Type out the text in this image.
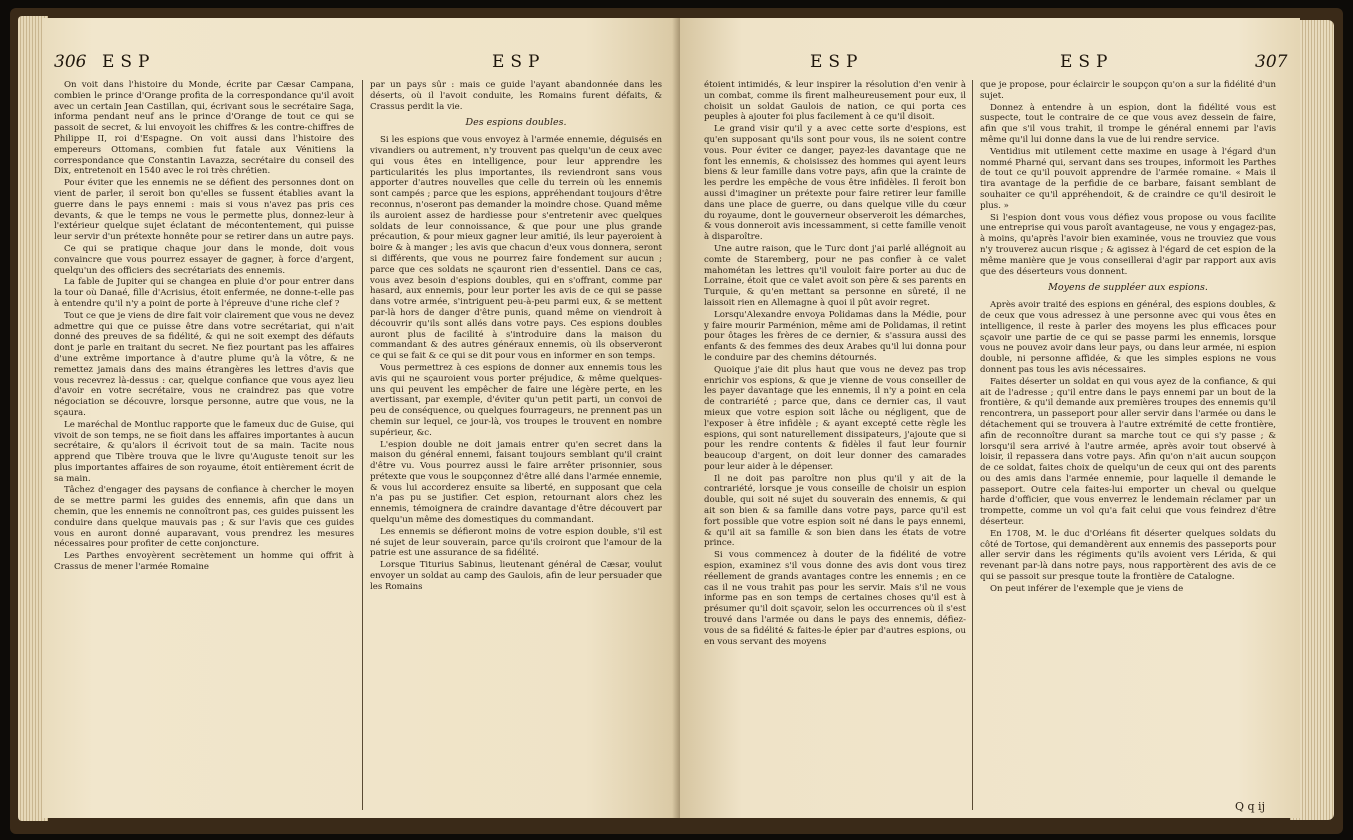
306 ESP	ESP

On voit dans l'histoire du Monde, écrite par Cæsar Campana, combien le prince d'Orange profita de la correspondance qu'il avoit avec un certain Jean Castillan, qui, écrivant sous le secrétaire Saga, informa pendant neuf ans le prince d'Orange de tout ce qui se passoit de secret, & lui envoyoit les chiffres & les contre-chiffres de Philippe II, roi d'Espagne. On voit aussi dans l'histoire des empereurs Ottomans, combien fut fatale aux Vénitiens la correspondance que Constantin Lavazza, secrétaire du conseil des Dix, entretenoit en 1540 avec le roi très chrétien.

Pour éviter que les ennemis ne se défient des personnes dont on vient de parler, il seroit bon qu'elles se fussent établies avant la guerre dans le pays ennemi : mais si vous n'avez pas pris ces devants, & que le temps ne vous le permette plus, donnez-leur à l'extérieur quelque sujet éclatant de mécontentement, qui puisse leur servir d'un prétexte honnête pour se retirer dans un autre pays.

Ce qui se pratique chaque jour dans le monde, doit vous convaincre que vous pourrez essayer de gagner, à force d'argent, quelqu'un des officiers des secrétariats des ennemis.

La fable de Jupiter qui se changea en pluie d'or pour entrer dans la tour où Danaé, fille d'Acrisius, étoit enfermée, ne donne-t-elle pas à entendre qu'il n'y a point de porte à l'épreuve d'une riche clef ?

Tout ce que je viens de dire fait voir clairement que vous ne devez admettre qui que ce puisse être dans votre secrétariat, qui n'ait donné des preuves de sa fidélité, & qui ne soit exempt des défauts dont je parle en traitant du secret. Ne fiez pourtant pas les affaires d'une extrême importance à d'autre plume qu'à la vôtre, & ne remettez jamais dans des mains étrangères les lettres d'avis que vous recevrez là-dessus : car, quelque confiance que vous ayez lieu d'avoir en votre secrétaire, vous ne craindrez pas que votre négociation se découvre, lorsque personne, autre que vous, ne la sçaura.

Le maréchal de Montluc rapporte que le fameux duc de Guise, qui vivoit de son temps, ne se fioit dans les affaires importantes à aucun secrétaire, & qu'alors il écrivoit tout de sa main. Tacite nous apprend que Tibère trouva que le livre qu'Auguste tenoit sur les plus importantes affaires de son royaume, étoit entièrement écrit de sa main.

Tâchez d'engager des paysans de confiance à chercher le moyen de se mettre parmi les guides des ennemis, afin que dans un chemin, que les ennemis ne connoîtront pas, ces guides puissent les conduire dans quelque mauvais pas ; & sur l'avis que ces guides vous en auront donné auparavant, vous prendrez les mesures nécessaires pour profiter de cette conjoncture.

Les Parthes envoyèrent secrètement un homme qui offrit à Crassus de mener l'armée Romaine

par un pays sûr : mais ce guide l'ayant abandonnée dans les déserts, où il l'avoit conduite, les Romains furent défaits, & Crassus perdit la vie.

Des espions doubles.

Si les espions que vous envoyez à l'armée ennemie, déguisés en vivandiers ou autrement, n'y trouvent pas quelqu'un de ceux avec qui vous êtes en intelligence, pour leur apprendre les particularités les plus importantes, ils reviendront sans vous apporter d'autres nouvelles que celle du terrein où les ennemis sont campés ; parce que les espions, appréhendant toujours d'être reconnus, n'oseront pas demander la moindre chose. Quand même ils auroient assez de hardiesse pour s'entretenir avec quelques soldats de leur connoissance, & que pour une plus grande précaution, & pour mieux gagner leur amitié, ils leur payeroient à boire & à manger ; les avis que chacun d'eux vous donnera, seront si différents, que vous ne pourrez faire fondement sur aucun ; parce que ces soldats ne sçauront rien d'essentiel. Dans ce cas, vous avez besoin d'espions doubles, qui en s'offrant, comme par hasard, aux ennemis, pour leur porter les avis de ce qui se passe dans votre armée, s'intriguent peu-à-peu parmi eux, & se mettent par-là hors de danger d'être punis, quand même on viendroit à découvrir qu'ils sont allés dans votre pays. Ces espions doubles auront plus de facilité à s'introduire dans la maison du commandant & des autres généraux ennemis, où ils observeront ce qui se fait & ce qui se dit pour vous en informer en son temps.

Vous permettrez à ces espions de donner aux ennemis tous les avis qui ne sçauroient vous porter préjudice, & même quelques-uns qui peuvent les empêcher de faire une légère perte, en les avertissant, par exemple, d'éviter qu'un petit parti, un convoi de peu de conséquence, ou quelques fourrageurs, ne prennent pas un chemin sur lequel, ce jour-là, vos troupes le trouvent en nombre supérieur, &c.

L'espion double ne doit jamais entrer qu'en secret dans la maison du général ennemi, faisant toujours semblant qu'il craint d'être vu. Vous pourrez aussi le faire arrêter prisonnier, sous prétexte que vous le soupçonnez d'être allé dans l'armée ennemie, & vous lui accorderez ensuite sa liberté, en supposant que cela n'a pas pu se justifier. Cet espion, retournant alors chez les ennemis, témoignera de craindre davantage d'être découvert par quelqu'un même des domestiques du commandant.

Les ennemis se défieront moins de votre espion double, s'il est né sujet de leur souverain, parce qu'ils croiront que l'amour de la patrie est une assurance de sa fidélité.

Lorsque Titurius Sabinus, lieutenant général de Cæsar, voulut envoyer un soldat au camp des Gaulois, afin de leur persuader que les Romains

ESP	ESP	307

étoient intimidés, & leur inspirer la résolution d'en venir à un combat, comme ils firent malheureusement pour eux, il choisit un soldat Gaulois de nation, ce qui porta ces peuples à ajouter foi plus facilement à ce qu'il disoit.

Le grand visir qu'il y a avec cette sorte d'espions, est qu'en supposant qu'ils sont pour vous, ils ne soient contre vous. Pour éviter ce danger, payez-les davantage que ne font les ennemis, & choisissez des hommes qui ayent leurs biens & leur famille dans votre pays, afin que la crainte de les perdre les empêche de vous être infidèles. Il feroit bon aussi d'imaginer un prétexte pour faire retirer leur famille dans une place de guerre, ou dans quelque ville du cœur du royaume, dont le gouverneur observeroit les démarches, & vous donneroit avis incessamment, si cette famille venoit à disparoître.

Une autre raison, que le Turc dont j'ai parlé allégnoit au comte de Staremberg, pour ne pas confier à ce valet mahométan les lettres qu'il vouloit faire porter au duc de Lorraine, étoit que ce valet avoit son père & ses parents en Turquie, & qu'en mettant sa personne en sûreté, il ne laissoit rien en Allemagne à quoi il pût avoir regret.

Lorsqu'Alexandre envoya Polidamas dans la Médie, pour y faire mourir Parménion, même ami de Polidamas, il retint pour ôtages les frères de ce dernier, & s'assura aussi des enfants & des femmes des deux Arabes qu'il lui donna pour le conduire par des chemins détournés.

Quoique j'aie dit plus haut que vous ne devez pas trop enrichir vos espions, & que je vienne de vous conseiller de les payer davantage que les ennemis, il n'y a point en cela de contrariété ; parce que, dans ce dernier cas, il vaut mieux que votre espion soit lâche ou négligent, que de l'exposer à être infidèle ; & ayant excepté cette règle les espions, qui sont naturellement dissipateurs, j'ajoute que si pour les rendre contents & fidèles il faut leur fournir beaucoup d'argent, on doit leur donner des camarades pour leur aider à le dépenser.

Il ne doit pas paroître non plus qu'il y ait de la contrariété, lorsque je vous conseille de choisir un espion double, qui soit né sujet du souverain des ennemis, & qui ait son bien & sa famille dans votre pays, parce qu'il est fort possible que votre espion soit né dans le pays ennemi, & qu'il ait sa famille & son bien dans les états de votre prince.

Si vous commencez à douter de la fidélité de votre espion, examinez s'il vous donne des avis dont vous tirez réellement de grands avantages contre les ennemis ; en ce cas il ne vous trahit pas pour les servir. Mais s'il ne vous informe pas en son temps de certaines choses qu'il est à présumer qu'il doit sçavoir, selon les occurrences où il s'est trouvé dans l'armée ou dans le pays des ennemis, défiez-vous de sa fidélité & faites-le épier par d'autres espions, ou en vous servant des moyens

que je propose, pour éclaircir le soupçon qu'on a sur la fidélité d'un sujet.

Donnez à entendre à un espion, dont la fidélité vous est suspecte, tout le contraire de ce que vous avez dessein de faire, afin que s'il vous trahit, il trompe le général ennemi par l'avis même qu'il lui donne dans la vue de lui rendre service.

Ventidius mit utilement cette maxime en usage à l'égard d'un nommé Pharné qui, servant dans ses troupes, informoit les Parthes de tout ce qu'il pouvoit apprendre de l'armée romaine. « Mais il tira avantage de la perfidie de ce barbare, faisant semblant de souhaiter ce qu'il appréhendoit, & de craindre ce qu'il desiroit le plus. »

Si l'espion dont vous vous défiez vous propose ou vous facilite une entreprise qui vous paroît avantageuse, ne vous y engagez-pas, à moins, qu'après l'avoir bien examinée, vous ne trouviez que vous n'y trouverez aucun risque ; & agissez à l'égard de cet espion de la même manière que je vous conseillerai d'agir par rapport aux avis que des déserteurs vous donnent.

Moyens de suppléer aux espions.

Après avoir traité des espions en général, des espions doubles, & de ceux que vous adressez à une personne avec qui vous êtes en intelligence, il reste à parler des moyens les plus efficaces pour sçavoir une partie de ce qui se passe parmi les ennemis, lorsque vous ne pouvez avoir dans leur pays, ou dans leur armée, ni espion double, ni personne affidée, & que les simples espions ne vous donnent pas tous les avis nécessaires.

Faites déserter un soldat en qui vous ayez de la confiance, & qui ait de l'adresse ; qu'il entre dans le pays ennemi par un bout de la frontière, & qu'il demande aux premières troupes des ennemis qu'il rencontrera, un passeport pour aller servir dans l'armée ou dans le détachement qui se trouvera à l'autre extrémité de cette frontière, afin de reconnoître durant sa marche tout ce qui s'y passe ; & lorsqu'il sera arrivé à l'autre armée, après avoir tout observé à loisir, il repassera dans votre pays. Afin qu'on n'ait aucun soupçon de ce soldat, faites choix de quelqu'un de ceux qui ont des parents ou des amis dans l'armée ennemie, pour laquelle il demande le passeport. Outre cela faites-lui emporter un cheval ou quelque harde d'officier, que vous enverrez le lendemain réclamer par un trompette, comme un vol qu'a fait celui que vous feindrez d'être déserteur.

En 1708, M. le duc d'Orléans fit déserter quelques soldats du côté de Tortose, qui demandèrent aux ennemis des passeports pour aller servir dans les régiments qu'ils avoient vers Lérida, & qui revenant par-là dans notre pays, nous rapportèrent des avis de ce qui se passoit sur presque toute la frontière de Catalogne.

On peut inférer de l'exemple que je viens de

Q q ij
